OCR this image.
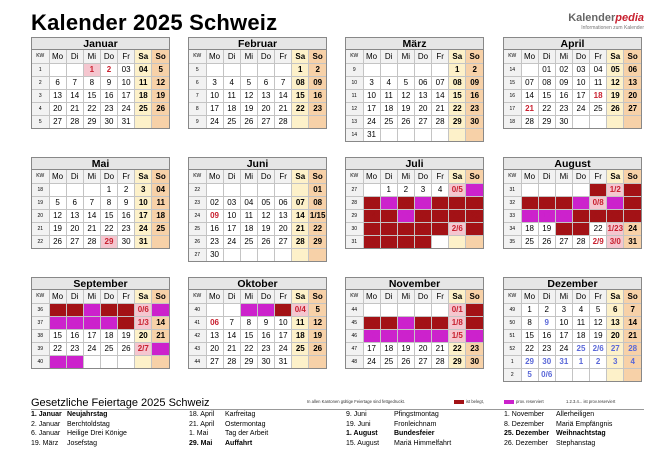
Kalender 2025 Schweiz	Kalenderpedia
Informationen zum Kalender
Januar
KW	Mo	Di	Mi	Do	Fr	Sa	So
1			1	2	03	04	5
2	6	7	8	9	10	11	12
3	13	14	15	16	17	18	19
4	20	21	22	23	24	25	26
5	27	28	29	30	31		
Februar
KW	Mo	Di	Mi	Do	Fr	Sa	So
5						1	2
6	3	4	5	6	7	08	09
7	10	11	12	13	14	15	16
8	17	18	19	20	21	22	23
9	24	25	26	27	28		
März
KW	Mo	Di	Mi	Do	Fr	Sa	So
9						1	2
10	3	4	5	06	07	08	09
11	10	11	12	13	14	15	16
12	17	18	19	20	21	22	23
13	24	25	26	27	28	29	30
14	31						
April
KW	Mo	Di	Mi	Do	Fr	Sa	So
14		01	02	03	04	05	06
15	07	08	09	10	11	12	13
16	14	15	16	17	18	19	20
17	21	22	23	24	25	26	27
18	28	29	30				
Mai
KW	Mo	Di	Mi	Do	Fr	Sa	So
18				1	2	3	04
19	5	6	7	8	9	10	11
20	12	13	14	15	16	17	18
21	19	20	21	22	23	24	25
22	26	27	28	29	30	31	
Juni
KW	Mo	Di	Mi	Do	Fr	Sa	So
22							01
23	02	03	04	05	06	07	08
24	09	10	11	12	13	14	1/15
25	16	17	18	19	20	21	22
26	23	24	25	26	27	28	29
27	30						
Juli
KW	Mo	Di	Mi	Do	Fr	Sa	So
27		1	2	3	4	0/5	06
28	07	08	09	10	11	1/12	13
29	14	15	16	17	18	19	20
30	21	22	23	24	25	2/6	27
31	28	29	30	31			
August
KW	Mo	Di	Mi	Do	Fr	Sa	So
31					01	1/2	03
32	04	05	06	07	0/8	09	10
33	11	12	13	14	15	16	17
34	18	19	20	21	22	1/23	24
35	25	26	27	28	2/9	3/0	31
September
KW	Mo	Di	Mi	Do	Fr	Sa	So
36	01	02	03	04	05	0/6	07
37	08	09	10	11	12	1/3	14
38	15	16	17	18	19	20	21
39	22	23	24	25	26	2/7	28
40	29	30					
Oktober
KW	Mo	Di	Mi	Do	Fr	Sa	So
40			01	02	03	0/4	5
41	06	7	8	9	10	11	12
42	13	14	15	16	17	18	19
43	20	21	22	23	24	25	26
44	27	28	29	30	31		
November
KW	Mo	Di	Mi	Do	Fr	Sa	So
44						0/1	02
45	03	04	05	06	07	1/8	09
46	10	11	12	13	14	1/5	16
47	17	18	19	20	21	22	23
48	24	25	26	27	28	29	30
Dezember
KW	Mo	Di	Mi	Do	Fr	Sa	So
49	1	2	3	4	5	6	7
50	8	9	10	11	12	13	14
51	15	16	17	18	19	20	21
52	22	23	24	25	2/6	27	28
1	29	30	31	1	2	3	4
2	5	0/6					
Gesetzliche Feiertage 2025 Schweiz	In allen Kantonen gültige Feiertage sind fettgedruckt.	ist belegt,	prov. reserviert	1.2.3.4... ist prov.reserviert
1. Januar Neujahrstag
2. Januar Berchtoldstag
6. Januar Heilige Drei Könige
19. März	Josefstag
18. April	Karfreitag
21. April	Ostermontag
1. Mai	Tag der Arbeit
29. Mai	Auffahrt
9. Juni	Pfingstmontag
19. Juni	Fronleichnam
1. August	Bundesfeier
15. August	Mariä Himmelfahrt
1. November	Allerheiligen
8. Dezember	Mariä Empfängnis
25. Dezember Weihnachtstag
26. Dezember	Stephanstag
